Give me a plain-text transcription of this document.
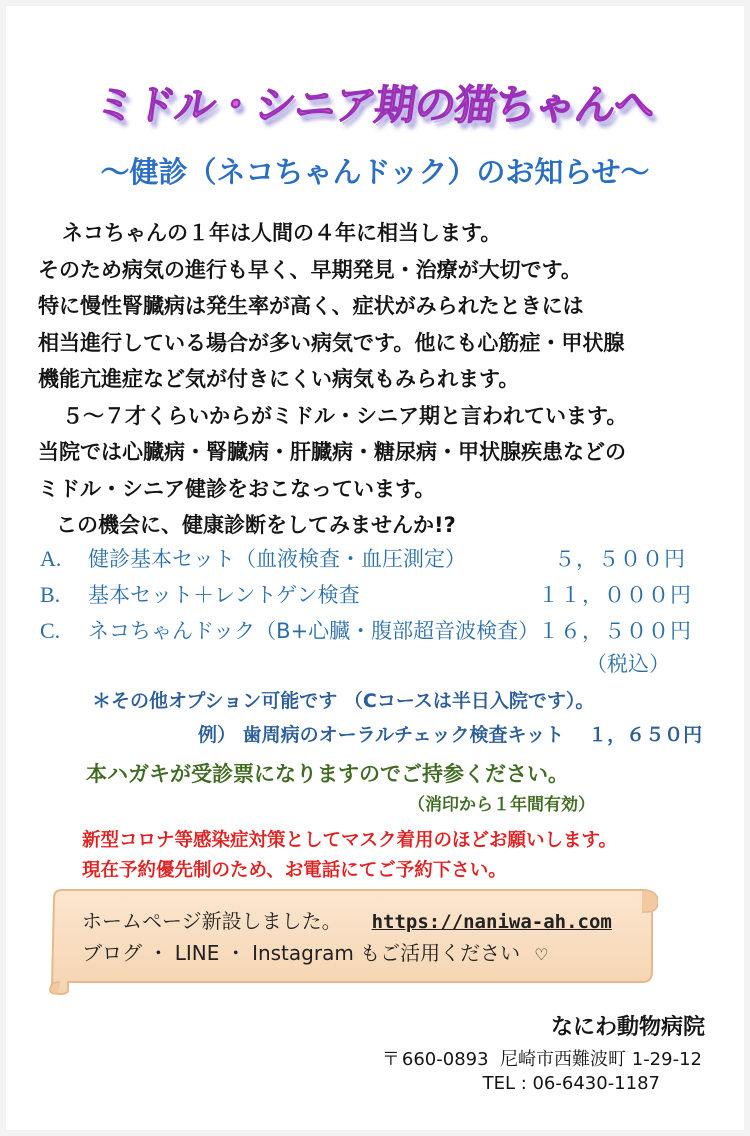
ミドル・シニア期の猫ちゃんへ
～健診（ネコちゃんドック）のお知らせ～
ネコちゃんの１年は人間の４年に相当します。
そのため病気の進行も早く、早期発見・治療が大切です。
特に慢性腎臓病は発生率が高く、症状がみられたときには
相当進行している場合が多い病気です。他にも心筋症・甲状腺
機能亢進症など気が付きにくい病気もみられます。
５～７才くらいからがミドル・シニア期と言われています。
当院では心臓病・腎臓病・肝臓病・糖尿病・甲状腺疾患などの
ミドル・シニア健診をおこなっています。
この機会に、健康診断をしてみませんか!?
A. 健診基本セット（血液検査・血圧測定）	５，５００円
B. 基本セット＋レントゲン検査	１１，０００円
C. ネコちゃんドック（B+心臓・腹部超音波検査）
１６，５００円
（税込）
＊その他オプション可能です （Cコースは半日入院です）。
例） 歯周病のオーラルチェック検査キット １，６５０円
本ハガキが受診票になりますのでご持参ください。
（消印から１年間有効）
新型コロナ等感染症対策としてマスク着用のほどお願いします。
現在予約優先制のため、お電話にてご予約下さい。
ホームページ新設しました。 https://naniwa-ah.com
ブログ ・ LINE ・ Instagram もご活用ください ♡
なにわ動物病院
〒 660-0893 尼崎市西難波町 1-29-12
TEL : 06-6430-1187
